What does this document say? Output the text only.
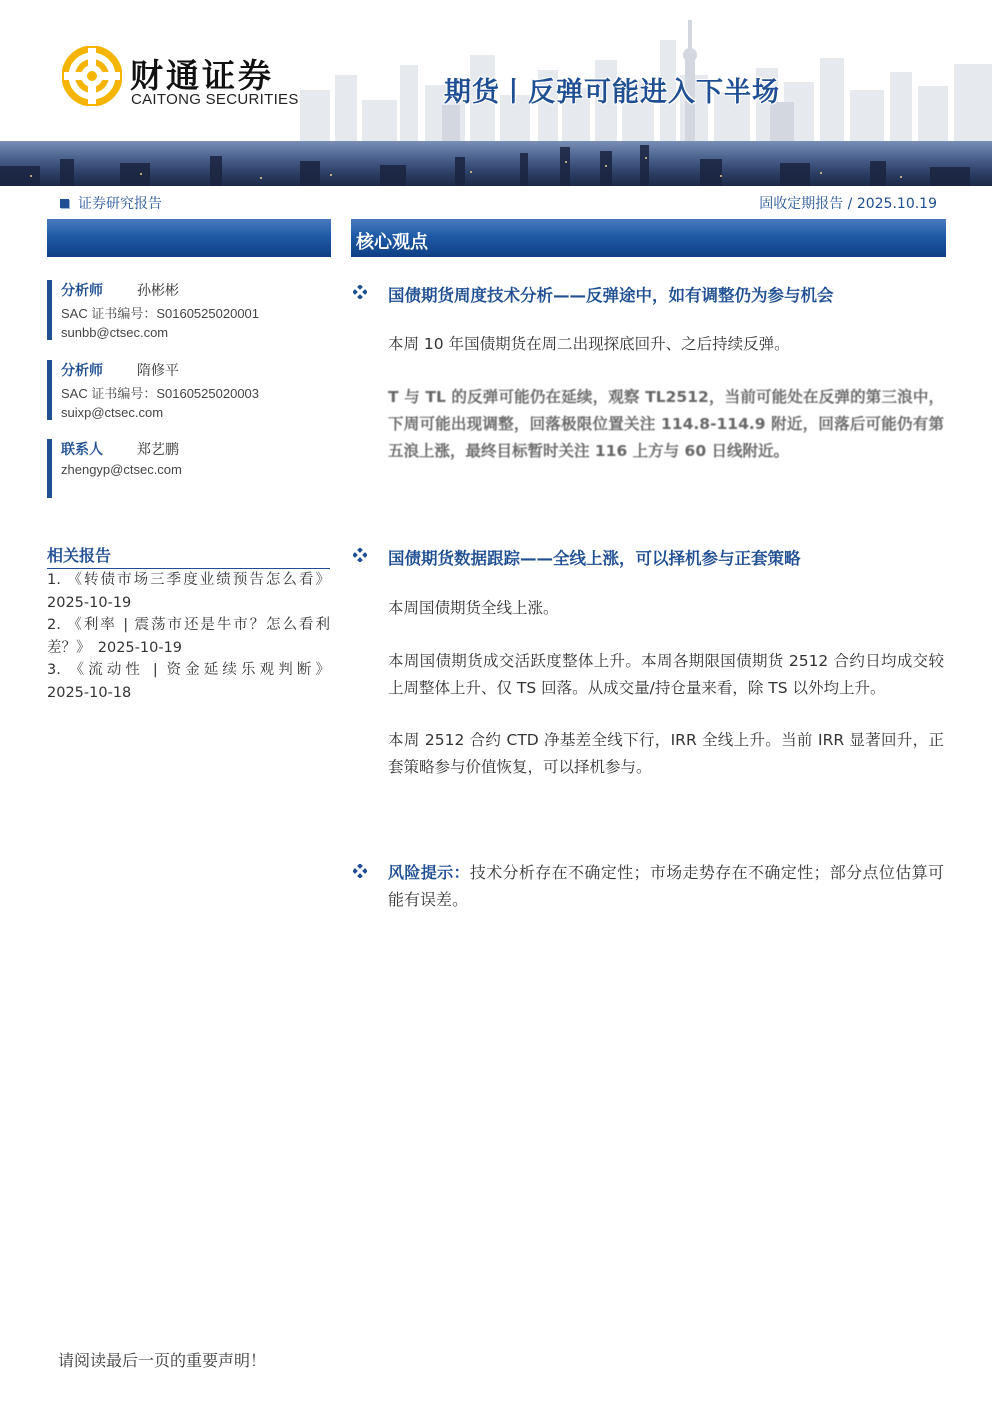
财通证券
CAITONG SECURITIES	期货丨反弹可能进入下半场
证券研究报告	固收定期报告 / 2025.10.19
核心观点
分析师	孙彬彬
SAC 证书编号：S0160525020001
sunbb@ctsec.com
分析师	隋修平
SAC 证书编号：S0160525020003
suixp@ctsec.com
联系人	郑艺鹏
zhengyp@ctsec.com
相关报告
1. 《转债市场三季度业绩预告怎么看》
2025-10-19
2. 《利率 | 震荡市还是牛市？怎么看利
差？》　2025-10-19
3. 《流动性 | 资金延续乐观判断》
2025-10-18
国债期货周度技术分析——反弹途中，如有调整仍为参与机会
本周 10 年国债期货在周二出现探底回升、之后持续反弹。
T 与 TL 的反弹可能仍在延续，观察 TL2512，当前可能处在反弹的第三浪中，下周可能出现调整，回落极限位置关注 114.8-114.9 附近，回落后可能仍有第五浪上涨，最终目标暂时关注 116 上方与 60 日线附近。
国债期货数据跟踪——全线上涨，可以择机参与正套策略
本周国债期货全线上涨。
本周国债期货成交活跃度整体上升。本周各期限国债期货 2512 合约日均成交较上周整体上升、仅 TS 回落。从成交量/持仓量来看，除 TS 以外均上升。
本周 2512 合约 CTD 净基差全线下行，IRR 全线上升。当前 IRR 显著回升，正套策略参与价值恢复，可以择机参与。
风险提示：技术分析存在不确定性；市场走势存在不确定性；部分点位估算可能有误差。
请阅读最后一页的重要声明！
